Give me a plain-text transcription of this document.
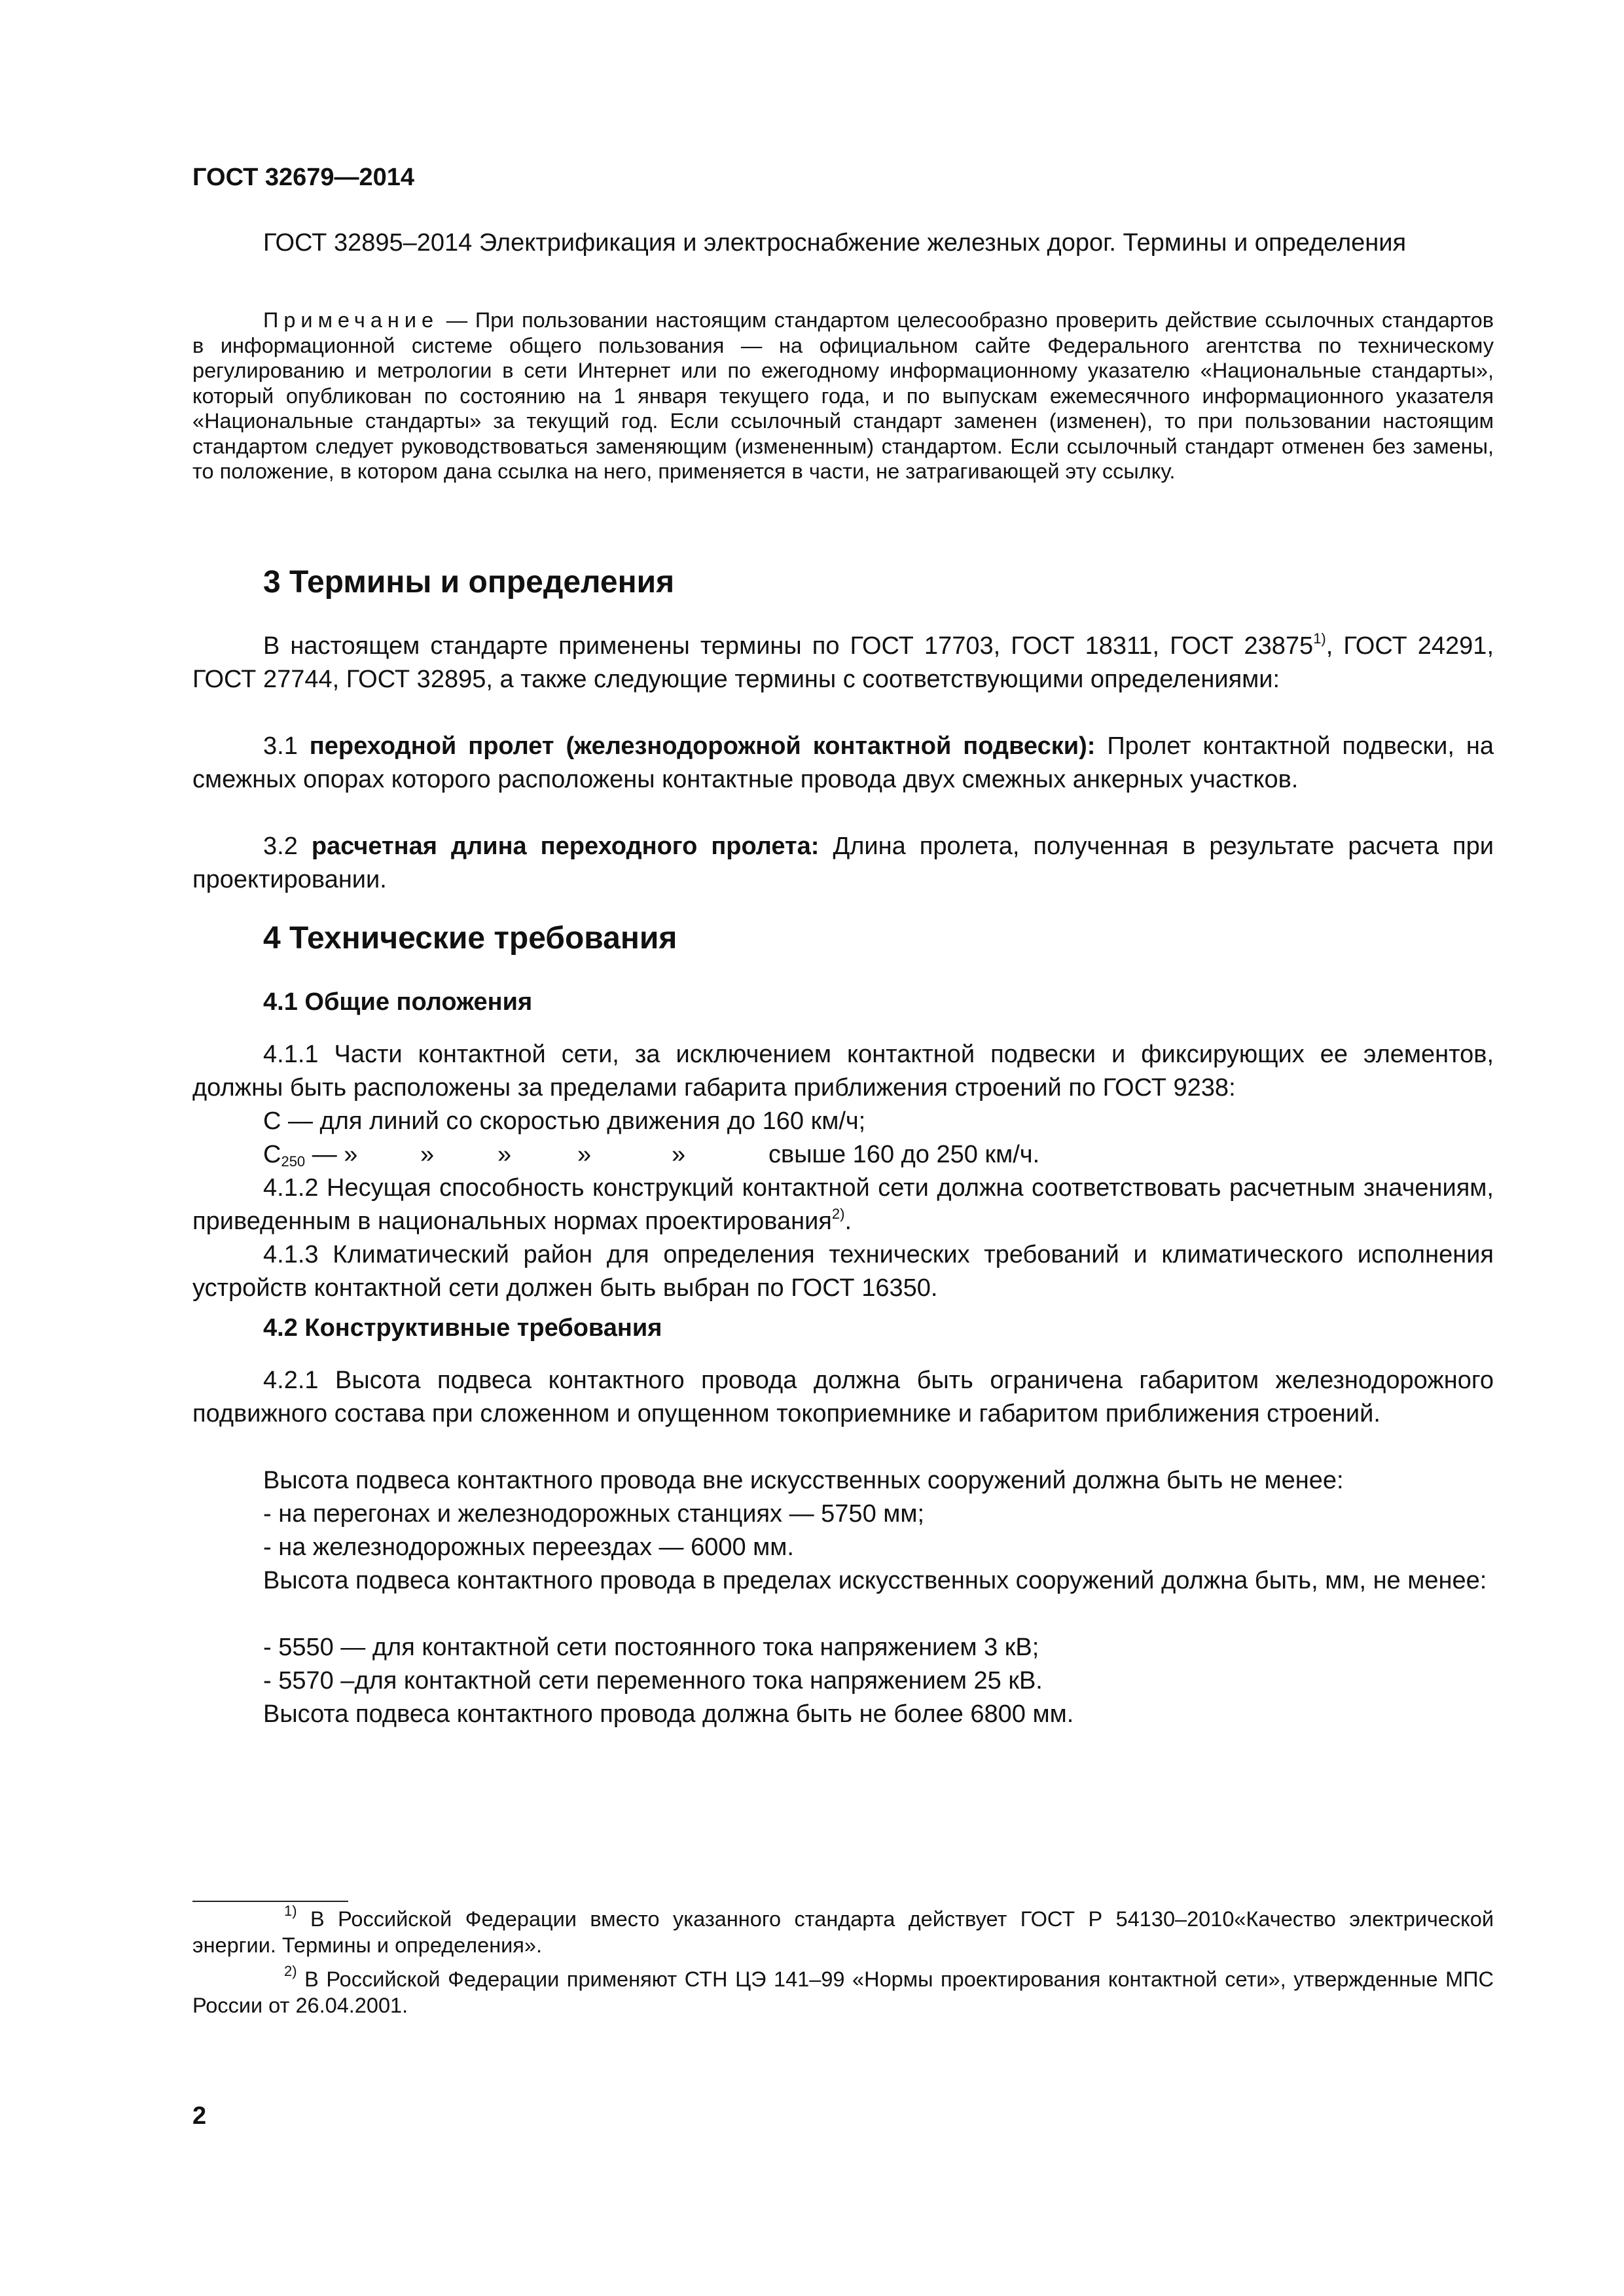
ГОСТ 32679—2014

ГОСТ 32895–2014 Электрификация и электроснабжение железных дорог. Термины и определения

Примечание — При пользовании настоящим стандартом целесообразно проверить действие ссылочных стандартов в информационной системе общего пользования — на официальном сайте Федерального агентства по техническому регулированию и метрологии в сети Интернет или по ежегодному информационному указателю «Национальные стандарты», который опубликован по состоянию на 1 января текущего года, и по выпускам ежемесячного информационного указателя «Национальные стандарты» за текущий год. Если ссылочный стандарт заменен (изменен), то при пользовании настоящим стандартом следует руководствоваться заменяющим (измененным) стандартом. Если ссылочный стандарт отменен без замены, то положение, в котором дана ссылка на него, применяется в части, не затрагивающей эту ссылку.

3 Термины и определения

В настоящем стандарте применены термины по ГОСТ 17703, ГОСТ 18311, ГОСТ 23875$^{1)}$, ГОСТ 24291, ГОСТ 27744, ГОСТ 32895, а также следующие термины с соответствующими определениями:

3.1 переходной пролет (железнодорожной контактной подвески): Пролет контактной подвески, на смежных опорах которого расположены контактные провода двух смежных анкерных участков.

3.2 расчетная длина переходного пролета: Длина пролета, полученная в результате расчета при проектировании.

4 Технические требования
4.1 Общие положения

4.1.1 Части контактной сети, за исключением контактной подвески и фиксирующих ее элементов, должны быть расположены за пределами габарита приближения строений по ГОСТ 9238:

С — для линий со скоростью движения до 160 км/ч;

$С_{250}$ — »	»	»	»	»	свыше 160 до 250 км/ч.

4.1.2 Несущая способность конструкций контактной сети должна соответствовать расчетным значениям, приведенным в национальных нормах проектирования$^{2)}$.

4.1.3 Климатический район для определения технических требований и климатического исполнения устройств контактной сети должен быть выбран по ГОСТ 16350.

4.2 Конструктивные требования

4.2.1 Высота подвеса контактного провода должна быть ограничена габаритом железнодорожного подвижного состава при сложенном и опущенном токоприемнике и габаритом приближения строений.

Высота подвеса контактного провода вне искусственных сооружений должна быть не менее:

- на перегонах и железнодорожных станциях — 5750 мм;

- на железнодорожных переездах — 6000 мм.

Высота подвеса контактного провода в пределах искусственных сооружений должна быть, мм, не менее:

- 5550 — для контактной сети постоянного тока напряжением 3 кВ;

- 5570 –для контактной сети переменного тока напряжением 25 кВ.

Высота подвеса контактного провода должна быть не более 6800 мм.

$^{1)}$ В Российской Федерации вместо указанного стандарта действует ГОСТ Р 54130–2010«Качество электрической энергии. Термины и определения».

$^{2)}$ В Российской Федерации применяют СТН ЦЭ 141–99 «Нормы проектирования контактной сети», утвержденные МПС России от 26.04.2001.

2
